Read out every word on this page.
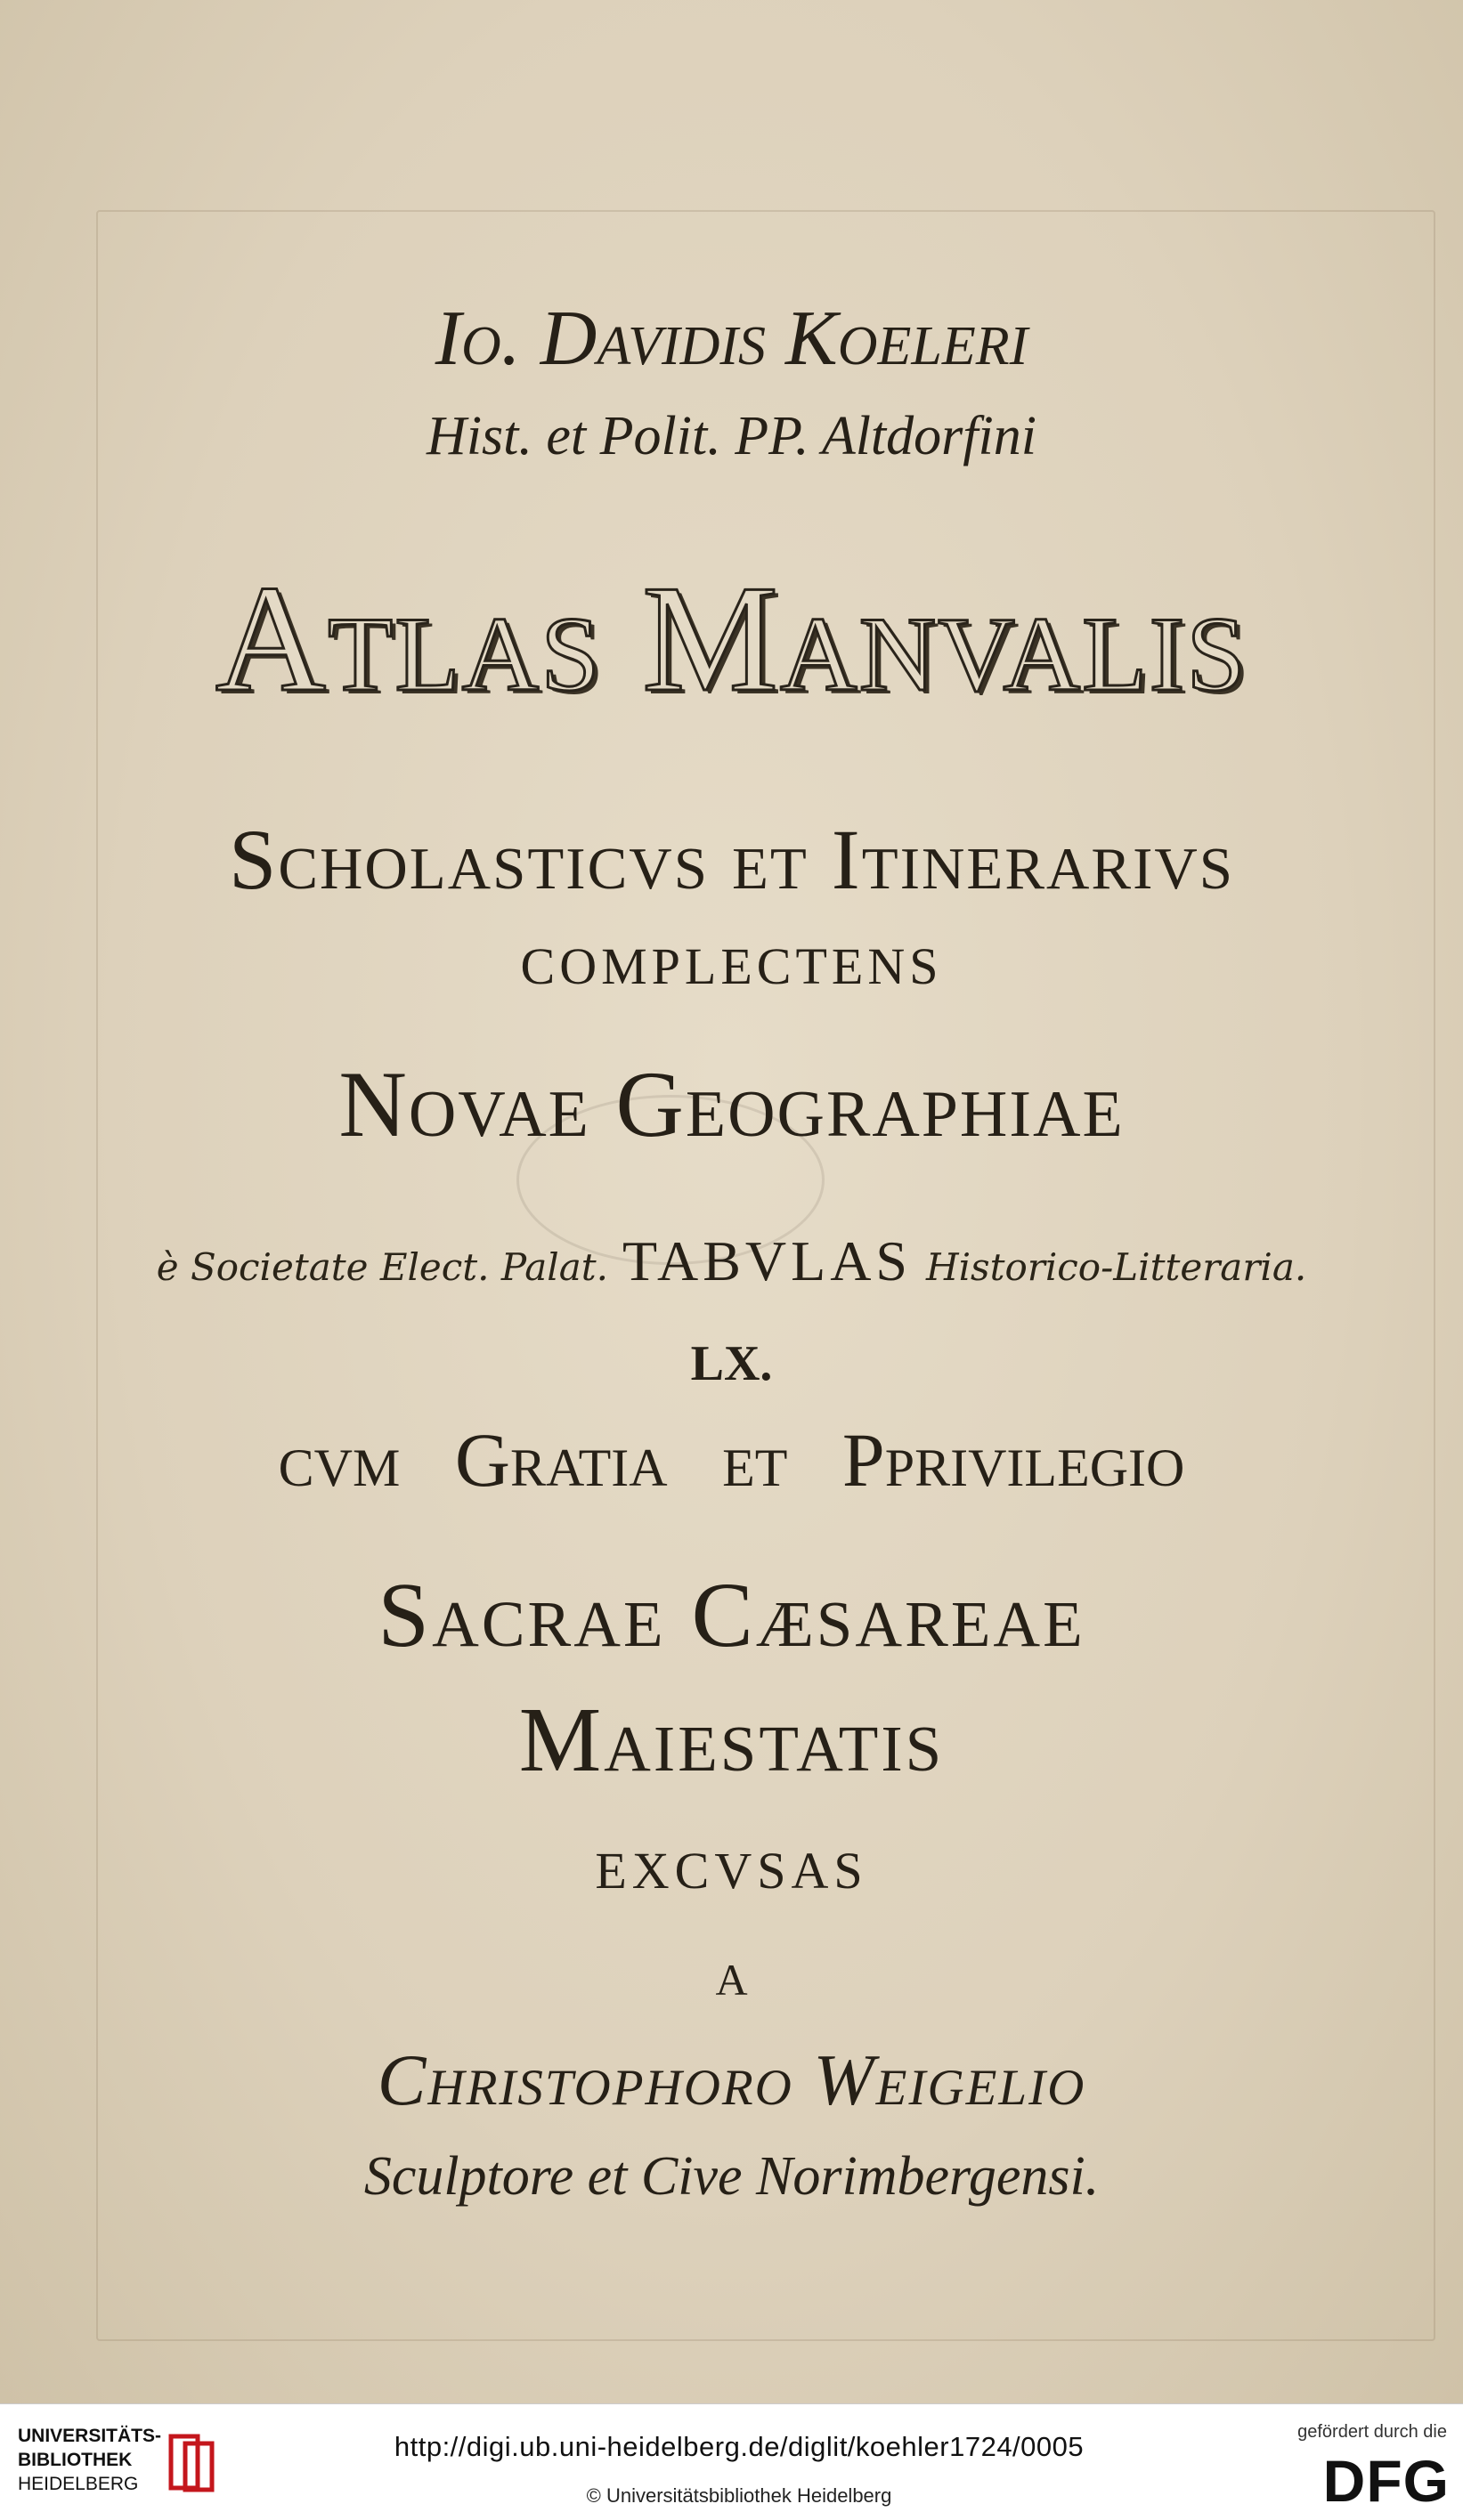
Io. Davidis Koeleri
Hist. et Polit. PP. Altdorfini
Atlas Manvalis
Scholasticvs et Itinerarivs
COMPLECTENS
Novae Geographiae
è Societate Elect. Palat. TABVLAS Historico-Litteraria.
LX.
cvm Gratia et Pprivilegio
Sacrae Cæsareae
Maiestatis
EXCVSAS
A
Christophoro Weigelio
Sculptore et Cive Norimbergensi.
UNIVERSITÄTS-
BIBLIOTHEK
HEIDELBERG
http://digi.ub.uni-heidelberg.de/diglit/koehler1724/0005
© Universitätsbibliothek Heidelberg
gefördert durch die
DFG
